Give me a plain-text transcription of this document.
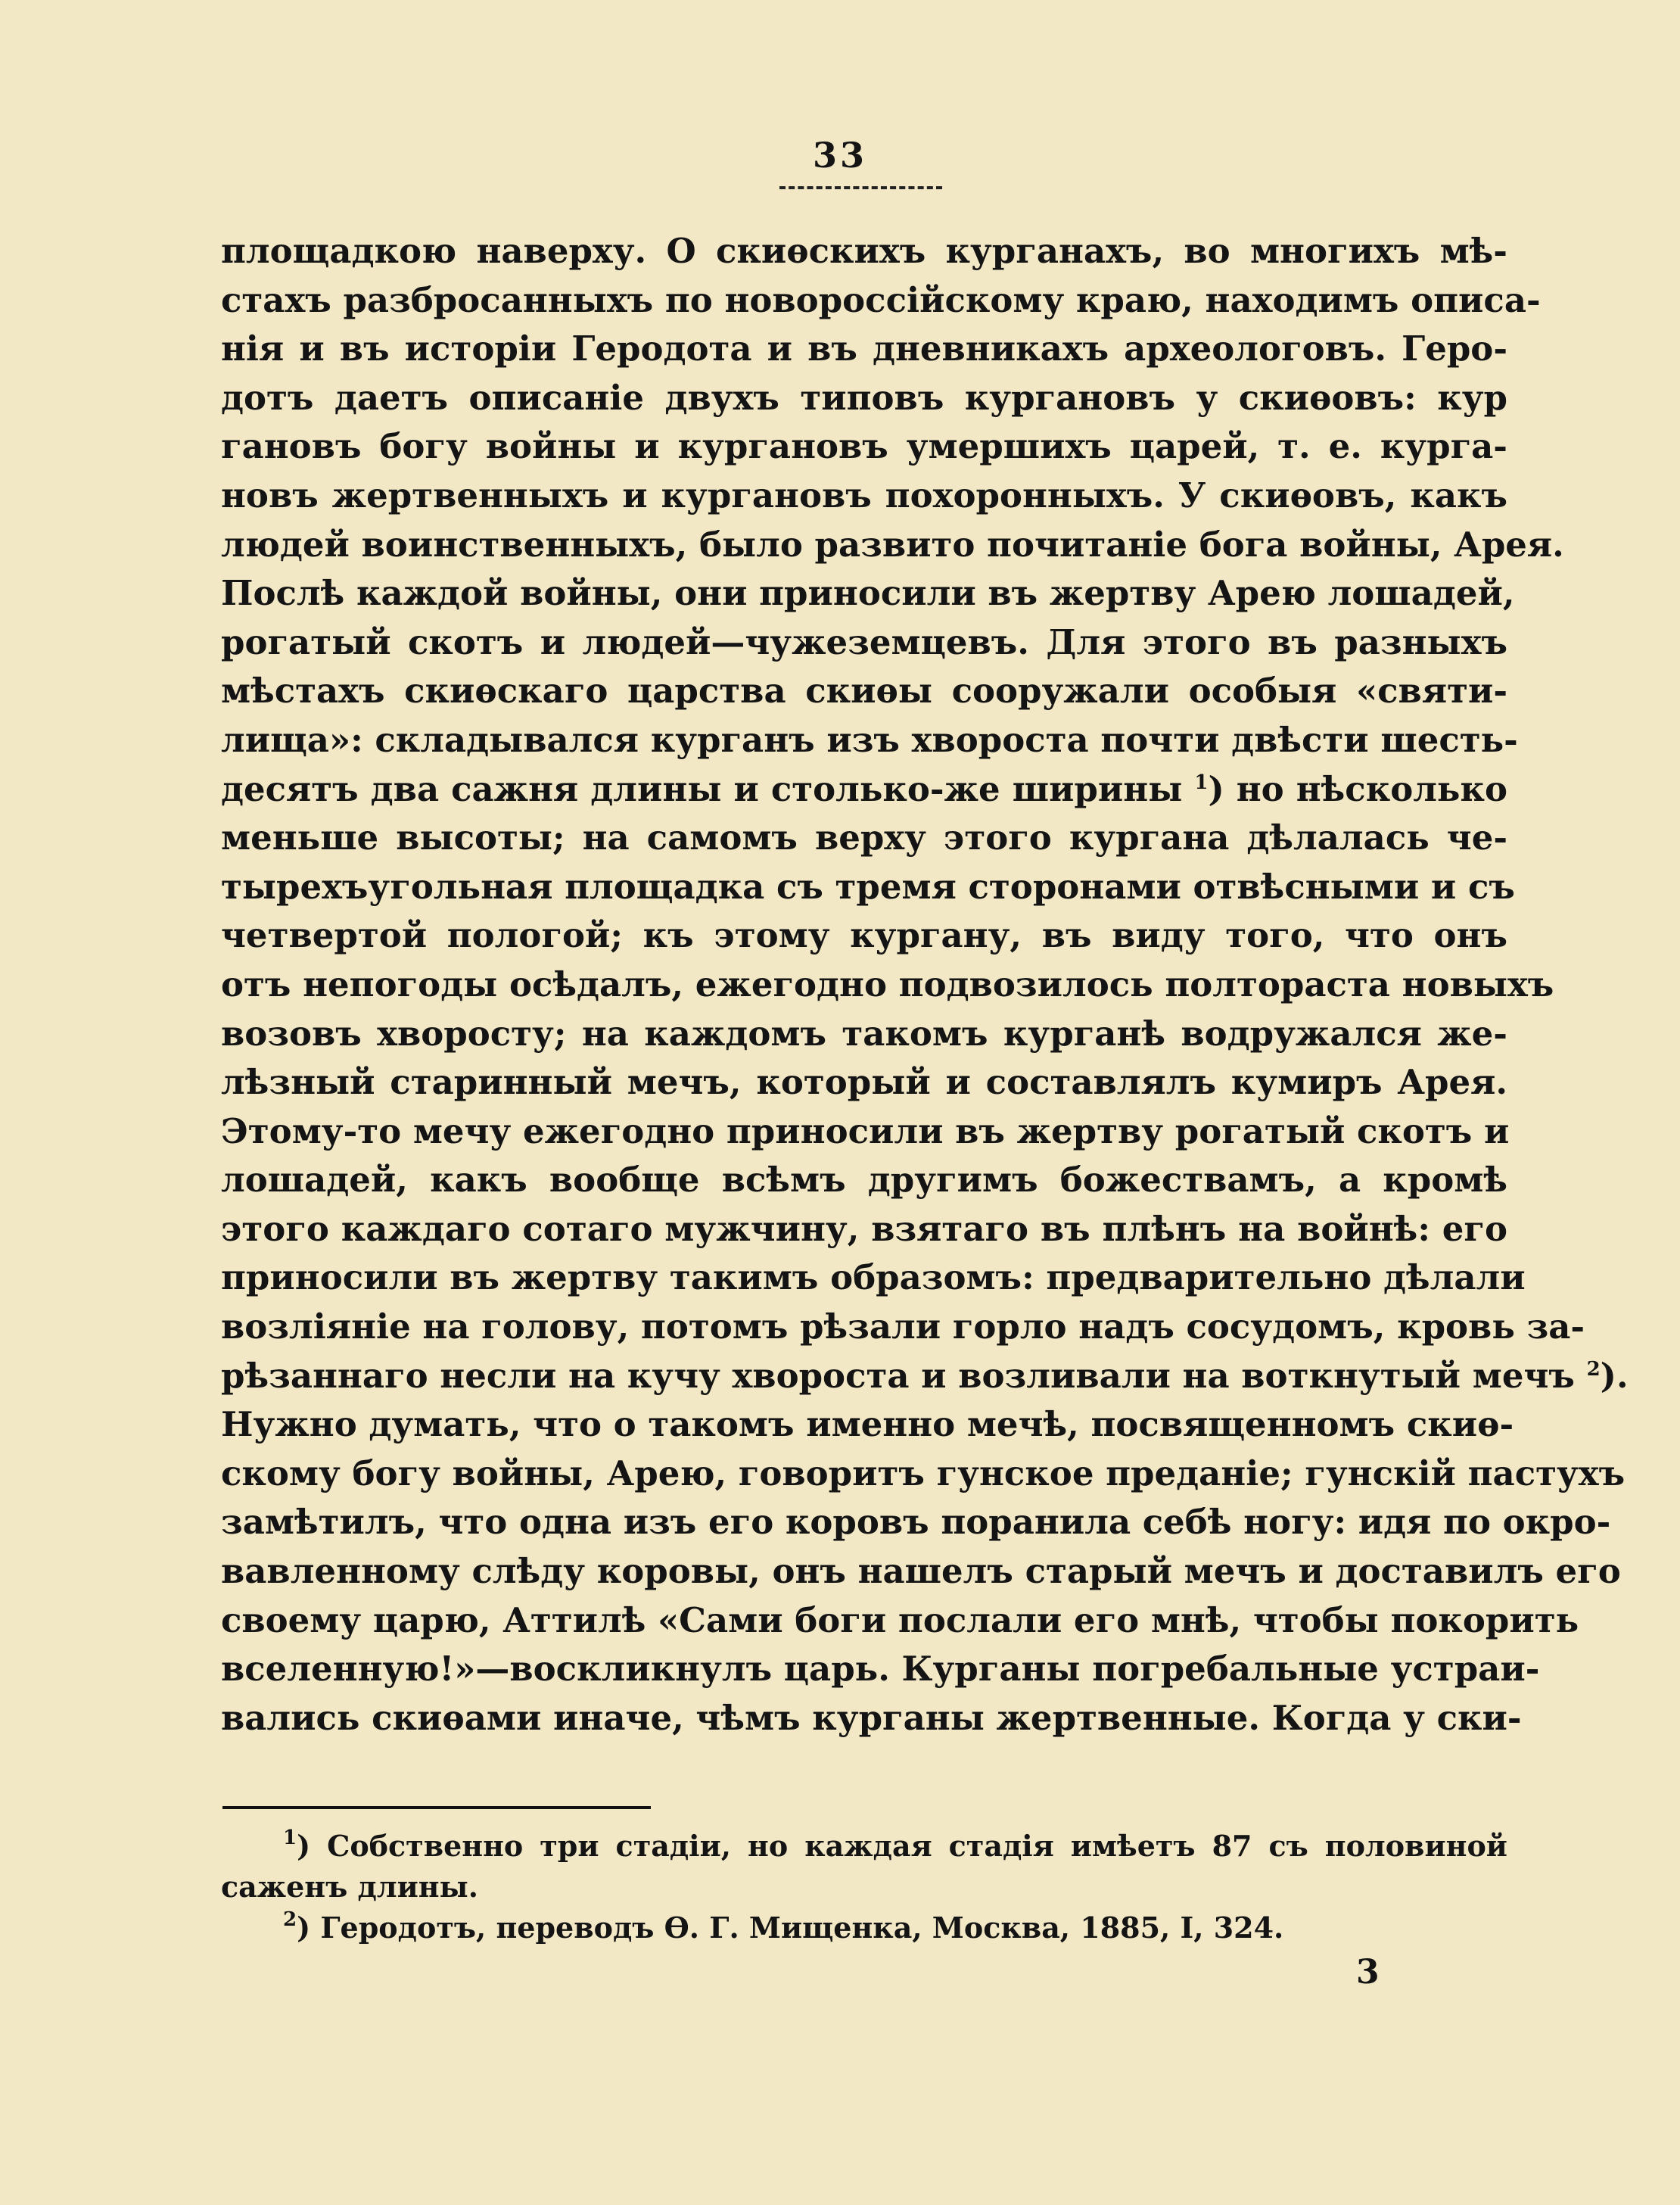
33
площадкою наверху. О скиѳскихъ курганахъ, во многихъ мѣ-
стахъ разбросанныхъ по новороссійскому краю, находимъ описа-
нія и въ исторіи Геродота и въ дневникахъ археологовъ. Геро-
дотъ даетъ описаніе двухъ типовъ кургановъ у скиѳовъ: кур
гановъ богу войны и кургановъ умершихъ царей, т. е. курга-
новъ жертвенныхъ и кургановъ похоронныхъ. У скиѳовъ, какъ
людей воинственныхъ, было развито почитаніе бога войны, Арея.
Послѣ каждой войны, они приносили въ жертву Арею лошадей,
рогатый скотъ и людей—чужеземцевъ. Для этого въ разныхъ
мѣстахъ скиѳскаго царства скиѳы сооружали особыя «святи-
лища»: складывался курганъ изъ хвороста почти двѣсти шесть-
десятъ два сажня длины и столько-же ширины $^1$) но нѣсколько
меньше высоты; на самомъ верху этого кургана дѣлалась че-
тырехъугольная площадка съ тремя сторонами отвѣсными и съ
четвертой пологой; къ этому кургану, въ виду того, что онъ
отъ непогоды осѣдалъ, ежегодно подвозилось полтораста новыхъ
возовъ хворосту; на каждомъ такомъ курганѣ водружался же-
лѣзный старинный мечъ, который и составлялъ кумиръ Арея.
Этому-то мечу ежегодно приносили въ жертву рогатый скотъ и
лошадей, какъ вообще всѣмъ другимъ божествамъ, а кромѣ
этого каждаго сотаго мужчину, взятаго въ плѣнъ на войнѣ: его
приносили въ жертву такимъ образомъ: предварительно дѣлали
возліяніе на голову, потомъ рѣзали горло надъ сосудомъ, кровь за-
рѣзаннаго несли на кучу хвороста и возливали на воткнутый мечъ $^2$).
Нужно думать, что о такомъ именно мечѣ, посвященномъ скиѳ-
скому богу войны, Арею, говоритъ гунское преданіе; гунскій пастухъ
замѣтилъ, что одна изъ его коровъ поранила себѣ ногу: идя по окро-
вавленному слѣду коровы, онъ нашелъ старый мечъ и доставилъ его
своему царю, Аттилѣ «Сами боги послали его мнѣ, чтобы покорить
вселенную!»—воскликнулъ царь. Курганы погребальные устраи-
вались скиѳами иначе, чѣмъ курганы жертвенные. Когда у ски-
$^1$) Собственно три стадіи, но каждая стадія имѣетъ 87 съ половиной
саженъ длины.
$^2$) Геродотъ, переводъ Ѳ. Г. Мищенка, Москва, 1885, I, 324.
3
